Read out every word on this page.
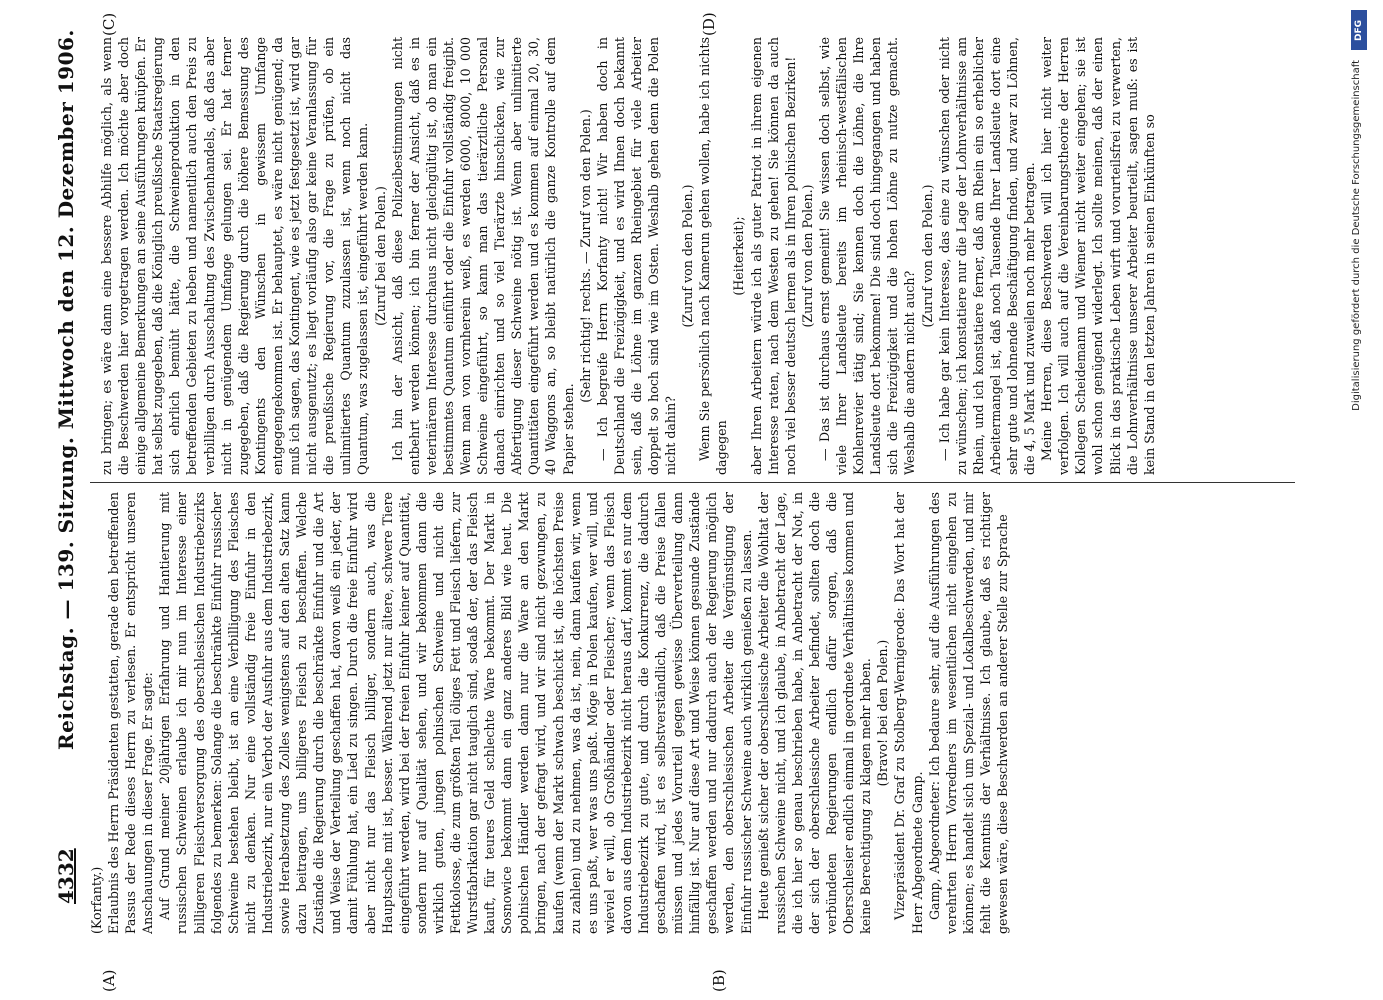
4332
Reichstag. — 139. Sitzung. Mittwoch den 12. Dezember 1906.
(A)	(B)
(C)	(D)

(Korfanty.) Erlaubnis des Herrn Präsidenten gestatten, gerade den betreffenden Passus der Rede dieses Herrn zu verlesen. Er entspricht unseren Anschauungen in dieser Frage. Er sagte: Auf Grund meiner 20jährigen Erfahrung und Hantierung mit russischen Schweinen erlaube ich mir nun im Interesse einer billigeren Fleischversorgung des oberschlesischen Industriebezirks folgendes zu bemerken: Solange die beschränkte Einfuhr russischer Schweine bestehen bleibt, ist an eine Verbilligung des Fleisches nicht zu denken. Nur eine vollständig freie Einfuhr in den Industriebezirk, nur ein Verbot der Ausfuhr aus dem Industriebezirk, sowie Herabsetzung des Zolles wenigstens auf den alten Satz kann dazu beitragen, uns billigeres Fleisch zu beschaffen. Welche Zustände die Regierung durch die beschränkte Einfuhr und die Art und Weise der Verteilung geschaffen hat, davon weiß ein jeder, der damit Fühlung hat, ein Lied zu singen. Durch die freie Einfuhr wird aber nicht nur das Fleisch billiger, sondern auch, was die Hauptsache mit ist, besser. Während jetzt nur ältere, schwere Tiere eingeführt werden, wird bei der freien Einfuhr keiner auf Quantität, sondern nur auf Qualität sehen, und wir bekommen dann die wirklich guten, jungen polnischen Schweine und nicht die Fettkolosse, die zum größten Teil öliges Fett und Fleisch liefern, zur Wurstfabrikation gar nicht tauglich sind, sodaß der, der das Fleisch kauft, für teures Geld schlechte Ware bekommt. Der Markt in Sosnowice bekommt dann ein ganz anderes Bild wie heut. Die polnischen Händler werden dann nur die Ware an den Markt bringen, nach der gefragt wird, und wir sind nicht gezwungen, zu kaufen (wenn der Markt schwach beschickt ist, die höchsten Preise zu zahlen) und zu nehmen, was da ist, nein, dann kaufen wir, wenn es uns paßt, wer was uns paßt. Möge in Polen kaufen, wer will, und wieviel er will, ob Großhändler oder Fleischer; wenn das Fleisch davon aus dem Industriebezirk nicht heraus darf, kommt es nur dem Industriebezirk zu gute, und durch die Konkurrenz, die dadurch geschaffen wird, ist es selbstverständlich, daß die Preise fallen müssen und jedes Vorurteil gegen gewisse Überverteilung dann hinfällig ist. Nur auf diese Art und Weise können gesunde Zustände geschaffen werden und nur dadurch auch der Regierung möglich werden, den oberschlesischen Arbeiter die Vergünstigung der Einfuhr russischer Schweine auch wirklich genießen zu lassen. Heute genießt sicher der oberschlesische Arbeiter die Wohltat der russischen Schweine nicht, und ich glaube, in Anbetracht der Lage, die ich hier so genau beschrieben habe, in Anbetracht der Not, in der sich der oberschlesische Arbeiter befindet, sollten doch die verbündeten Regierungen endlich dafür sorgen, daß die Oberschlesier endlich einmal in geordnete Verhältnisse kommen und keine Berechtigung zu klagen mehr haben. (Bravo! bei den Polen.) Vizepräsident Dr. Graf zu Stolberg-Wernigerode: Das Wort hat der Herr Abgeordnete Gamp. Gamp, Abgeordneter: Ich bedaure sehr, auf die Ausführungen des verehrten Herrn Vorredners im wesentlichen nicht eingehen zu können; es handelt sich um Spezial- und Lokalbeschwerden, und mir fehlt die Kenntnis der Verhältnisse. Ich glaube, daß es richtiger gewesen wäre, diese Beschwerden an anderer Stelle zur Sprache

zu bringen; es wäre dann eine bessere Abhilfe möglich, als wenn die Beschwerden hier vorgetragen werden. Ich möchte aber doch einige allgemeine Bemerkungen an seine Ausführungen knüpfen. Er hat selbst zugegeben, daß die Königlich preußische Staatsregierung sich ehrlich bemüht hätte, die Schweineproduktion in den betreffenden Gebieten zu heben und namentlich auch den Preis zu verbilligen durch Ausschaltung des Zwischenhandels, daß das aber nicht in genügendem Umfange gelungen sei. Er hat ferner zugegeben, daß die Regierung durch die höhere Bemessung des Kontingents den Wünschen in gewissem Umfange entgegengekommen ist. Er behauptet, es wäre nicht genügend; da muß ich sagen, das Kontingent, wie es jetzt festgesetzt ist, wird gar nicht ausgenutzt; es liegt vorläufig also gar keine Veranlassung für die preußische Regierung vor, die Frage zu prüfen, ob ein unlimitiertes Quantum zuzulassen ist, wenn noch nicht das Quantum, was zugelassen ist, eingeführt werden kann. (Zuruf bei den Polen.) Ich bin der Ansicht, daß diese Polizeibestimmungen nicht entbehrt werden können; ich bin ferner der Ansicht, daß es in veterinärem Interesse durchaus nicht gleichgültig ist, ob man ein bestimmtes Quantum einführt oder die Einfuhr vollständig freigibt. Wenn man von vornherein weiß, es werden 6000, 8000, 10 000 Schweine eingeführt, so kann man das tierärztliche Personal danach einrichten und so viel Tierärzte hinschicken, wie zur Abfertigung dieser Schweine nötig ist. Wenn aber unlimitierte Quantitäten eingeführt werden und es kommen auf einmal 20, 30, 40 Waggons an, so bleibt natürlich die ganze Kontrolle auf dem Papier stehen.

(Sehr richtig! rechts. — Zuruf von den Polen.) — Ich begreife Herrn Korfanty nicht! Wir haben doch in Deutschland die Freizügigkeit, und es wird Ihnen doch bekannt sein, daß die Löhne im ganzen Rheingebiet für viele Arbeiter doppelt so hoch sind wie im Osten. Weshalb gehen denn die Polen nicht dahin?

(Zuruf von den Polen.) Wenn Sie persönlich nach Kamerun gehen wollen, habe ich nichts dagegen

(Heiterkeit); aber Ihren Arbeitern würde ich als guter Patriot in ihrem eigenen Interesse raten, nach dem Westen zu gehen! Sie können da auch noch viel besser deutsch lernen als in Ihren polnischen Bezirken! (Zuruf von den Polen.) — Das ist durchaus ernst gemeint! Sie wissen doch selbst, wie viele Ihrer Landsleute bereits im rheinisch-westfälischen Kohlenrevier tätig sind; Sie kennen doch die Löhne, die Ihre Landsleute dort bekommen! Die sind doch hingegangen und haben sich die Freizügigkeit und die hohen Löhne zu nutze gemacht. Weshalb die andern nicht auch?

(Zuruf von den Polen.) — Ich habe gar kein Interesse, das eine zu wünschen oder nicht zu wünschen; ich konstatiere nur die Lage der Lohnverhältnisse am Rhein, und ich konstatiere ferner, daß am Rhein ein so erheblicher Arbeitermangel ist, daß noch Tausende Ihrer Landsleute dort eine sehr gute und lohnende Beschäftigung finden, und zwar zu Löhnen, die 4, 5 Mark und zuweilen noch mehr betragen. Meine Herren, diese Beschwerden will ich hier nicht weiter verfolgen. Ich will auch auf die Vereinbarungstheorie der Herren Kollegen Scheidemann und Wiemer nicht weiter eingehen; sie ist wohl schon genügend widerlegt. Ich sollte meinen, daß der einen Blick in das praktische Leben wirft und vorurteilsfrei zu verwerten, die Lohnverhältnisse unserer Arbeiter beurteilt, sagen muß: es ist kein Stand in den letzten Jahren in seinen Einkünften so

DFG
Digitalisierung gefördert durch die Deutsche Forschungsgemeinschaft
